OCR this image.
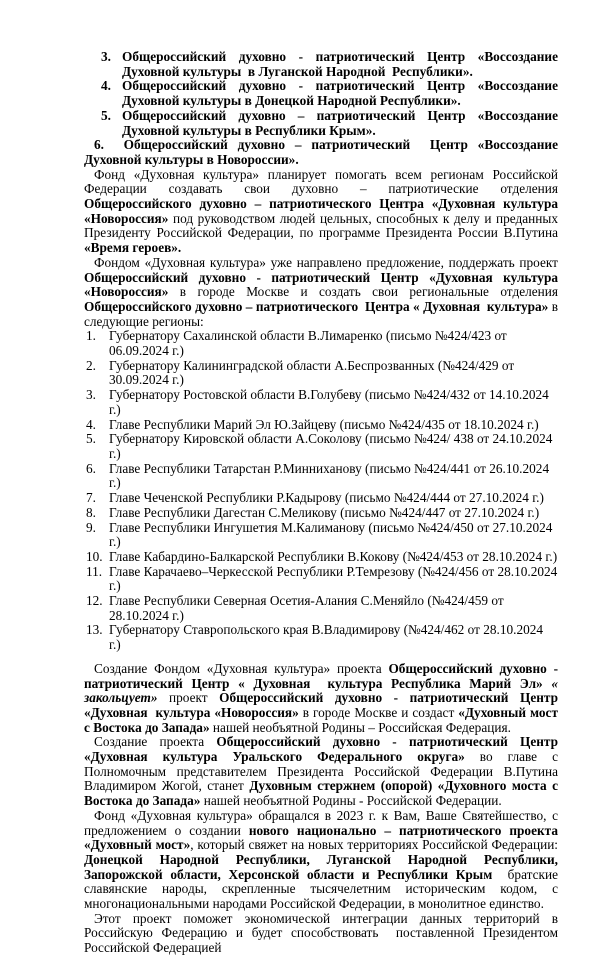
3. Общероссийский духовно - патриотический Центр «Воссоздание Духовной культуры  в Луганской Народной  Республики».
4. Общероссийский духовно - патриотический Центр «Воссоздание Духовной культуры в Донецкой Народной Республики».
5. Общероссийский духовно – патриотический Центр «Воссоздание Духовной культуры в Республики Крым».
6.  Общероссийский духовно – патриотический  Центр «Воссоздание Духовной культуры в Новороссии».
Фонд «Духовная культура» планирует помогать всем регионам Российской Федерации создавать свои духовно – патриотические отделения Общероссийского духовно – патриотического Центра «Духовная культура «Новороссия» под руководством людей цельных, способных к делу и преданных Президенту Российской Федерации, по программе Президента России В.Путина «Время героев».
Фондом «Духовная культура» уже направлено предложение, поддержать проект Общероссийский духовно - патриотический Центр «Духовная культура «Новороссия» в городе Москве и создать свои региональные отделения Общероссийского духовно – патриотического  Центра « Духовная  культура» в следующие регионы:
1. Губернатору Сахалинской области В.Лимаренко (письмо №424/423 от 06.09.2024 г.)
2. Губернатору Калининградской области А.Беспрозванных (№424/429 от 30.09.2024 г.)
3. Губернатору Ростовской области В.Голубеву (письмо №424/432 от 14.10.2024 г.)
4. Главе Республики Марий Эл Ю.Зайцеву (письмо №424/435 от 18.10.2024 г.)
5. Губернатору Кировской области А.Соколову (письмо №424/ 438 от 24.10.2024 г.)
6. Главе Республики Татарстан Р.Минниханову (письмо №424/441 от 26.10.2024 г.)
7. Главе Чеченской Республики Р.Кадырову (письмо №424/444 от 27.10.2024 г.)
8. Главе Республики Дагестан С.Меликову (письмо №424/447 от 27.10.2024 г.)
9. Главе Республики Ингушетия М.Калиманову (письмо №424/450 от 27.10.2024 г.)
10. Главе Кабардино-Балкарской Республики В.Кокову (№424/453 от 28.10.2024 г.)
11. Главе Карачаево–Черкесской Республики Р.Темрезову (№424/456 от 28.10.2024 г.)
12. Главе Республики Северная Осетия-Алания С.Меняйло (№424/459 от 28.10.2024 г.)
13. Губернатору Ставропольского края В.Владимирову (№424/462 от 28.10.2024 г.)
Создание Фондом «Духовная культура» проекта Общероссийский духовно - патриотический Центр « Духовная  культура Республика Марий Эл» « закольцует» проект Общероссийский духовно - патриотический Центр «Духовная  культура «Новороссия» в городе Москве и создаст «Духовный мост с Востока до Запада» нашей необъятной Родины – Российская Федерация.
Создание проекта Общероссийский духовно - патриотический Центр «Духовная культура Уральского Федерального округа» во главе с Полномочным представителем Президента Российской Федерации В.Путина Владимиром Жогой, станет Духовным стержнем (опорой) «Духовного моста с Востока до Запада» нашей необъятной Родины - Российской Федерации.
Фонд «Духовная культура» обращался в 2023 г. к Вам, Ваше Святейшество, с предложением о создании нового национально – патриотического проекта «Духовный мост», который свяжет на новых территориях Российской Федерации: Донецкой Народной Республики, Луганской Народной Республики, Запорожской области, Херсонской области и Республики Крым  братские славянские народы, скрепленные тысячелетним историческим кодом, с многонациональными народами Российской Федерации, в монолитное единство.
Этот проект поможет экономической интеграции данных территорий в Российскую Федерацию и будет способствовать  поставленной Президентом Российской Федерацией
